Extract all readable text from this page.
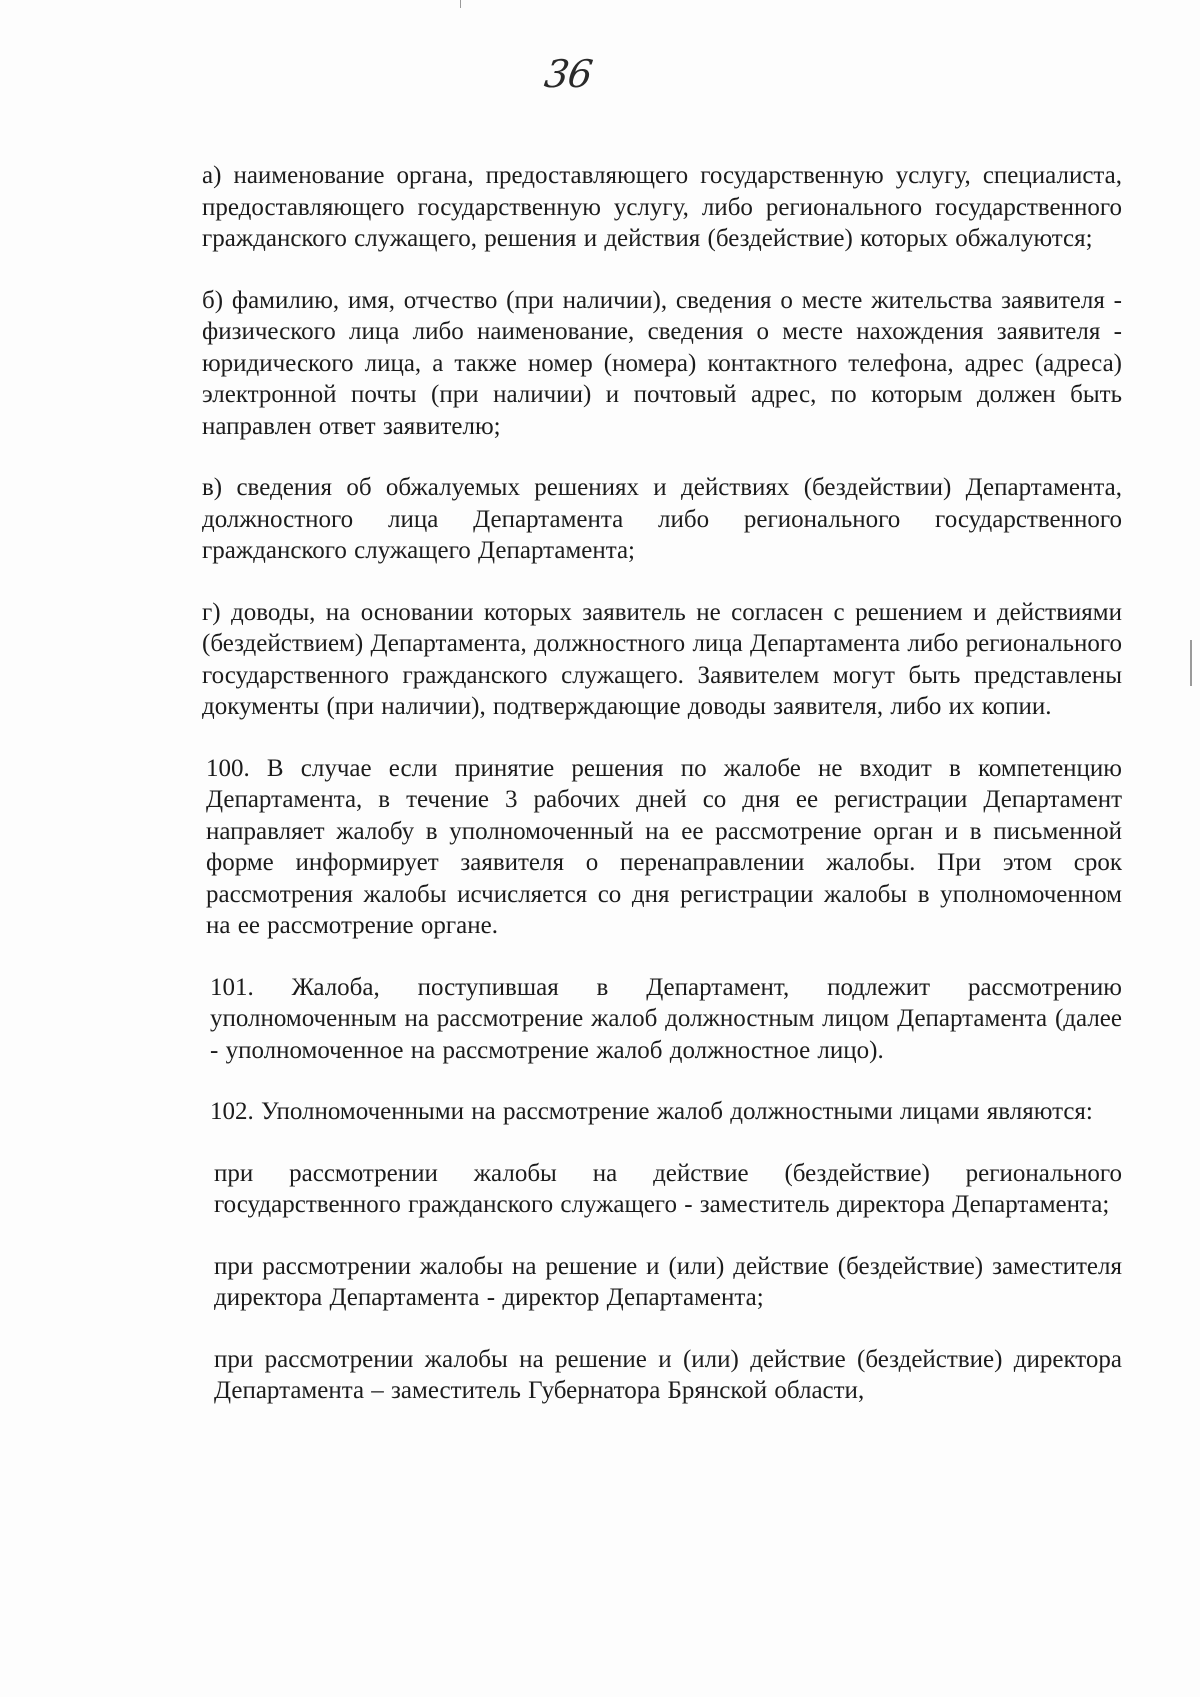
36

а) наименование органа, предоставляющего государственную услугу, специалиста, предоставляющего государственную услугу, либо регионального государственного гражданского служащего, решения и действия (бездействие) которых обжалуются;

б) фамилию, имя, отчество (при наличии), сведения о месте жительства заявителя - физического лица либо наименование, сведения о месте нахождения заявителя - юридического лица, а также номер (номера) контактного телефона, адрес (адреса) электронной почты (при наличии) и почтовый адрес, по которым должен быть направлен ответ заявителю;

в) сведения об обжалуемых решениях и действиях (бездействии) Департамента, должностного лица Департамента либо регионального государственного гражданского служащего Департамента;

г) доводы, на основании которых заявитель не согласен с решением и действиями (бездействием) Департамента, должностного лица Департамента либо регионального государственного гражданского служащего. Заявителем могут быть представлены документы (при наличии), подтверждающие доводы заявителя, либо их копии.

100. В случае если принятие решения по жалобе не входит в компетенцию Департамента, в течение 3 рабочих дней со дня ее регистрации Департамент направляет жалобу в уполномоченный на ее рассмотрение орган и в письменной форме информирует заявителя о перенаправлении жалобы. При этом срок рассмотрения жалобы исчисляется со дня регистрации жалобы в уполномоченном на ее рассмотрение органе.

101. Жалоба, поступившая в Департамент, подлежит рассмотрению уполномоченным на рассмотрение жалоб должностным лицом Департамента (далее - уполномоченное на рассмотрение жалоб должностное лицо).

102. Уполномоченными на рассмотрение жалоб должностными лицами являются:

при рассмотрении жалобы на действие (бездействие) регионального государственного гражданского служащего - заместитель директора Департамента;

при рассмотрении жалобы на решение и (или) действие (бездействие) заместителя директора Департамента - директор Департамента;

при рассмотрении жалобы на решение и (или) действие (бездействие) директора Департамента – заместитель Губернатора Брянской области,
